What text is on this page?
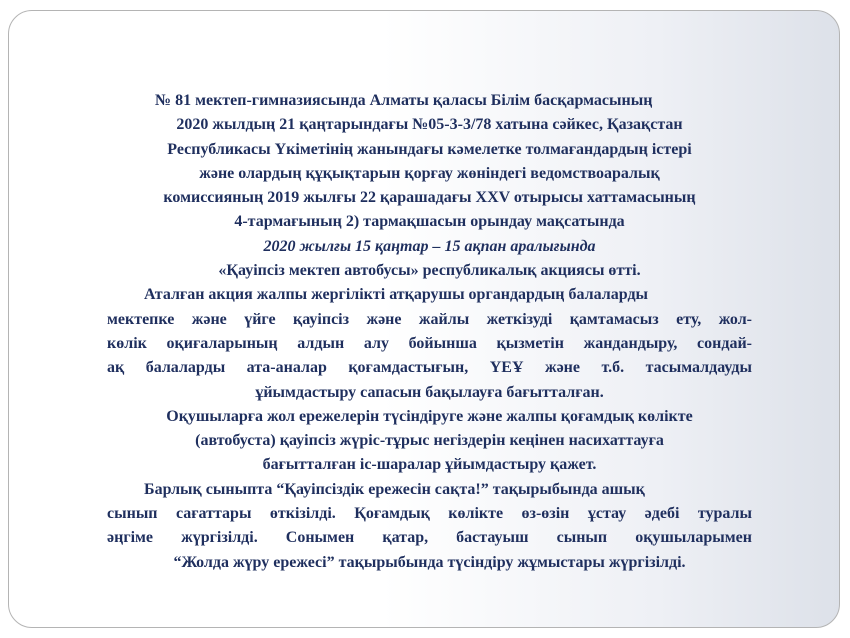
№ 81 мектеп-гимназиясында Алматы қаласы Білім басқармасының
2020 жылдың 21 қаңтарындағы №05-3-3/78 хатына сәйкес, Қазақстан
Республикасы Үкіметінің жанындағы кәмелетке толмағандардың істері
және олардың құқықтарын қорғау жөніндегі ведомствоаралық
комиссияның 2019 жылғы 22 қарашадағы XXV отырысы хаттамасының
4-тармағының 2) тармақшасын орындау мақсатында
2020 жылғы 15 қаңтар – 15 ақпан аралығында
«Қауіпсіз мектеп автобусы» республикалық акциясы өтті.
Аталған акция жалпы жергілікті атқарушы органдардың балаларды
мектепке және үйге қауіпсіз және жайлы жеткізуді қамтамасыз ету, жол-
көлік оқиғаларының алдын алу бойынша қызметін жандандыру, сондай-
ақ балаларды ата-аналар қоғамдастығын, ҮЕҰ және т.б. тасымалдауды
ұйымдастыру сапасын бақылауға бағытталған.
Оқушыларға жол ережелерін түсіндіруге және жалпы қоғамдық көлікте
(автобуста) қауіпсіз жүріс-тұрыс негіздерін кеңінен насихаттауға
бағытталған іс-шаралар ұйымдастыру қажет.
Барлық сыныпта “Қауіпсіздік ережесін сақта!” тақырыбында ашық
сынып сағаттары өткізілді. Қоғамдық көлікте өз-өзін ұстау әдебі туралы
әңгіме жүргізілді. Сонымен қатар, бастауыш сынып оқушыларымен
“Жолда жүру ережесі” тақырыбында түсіндіру жұмыстары жүргізілді.
